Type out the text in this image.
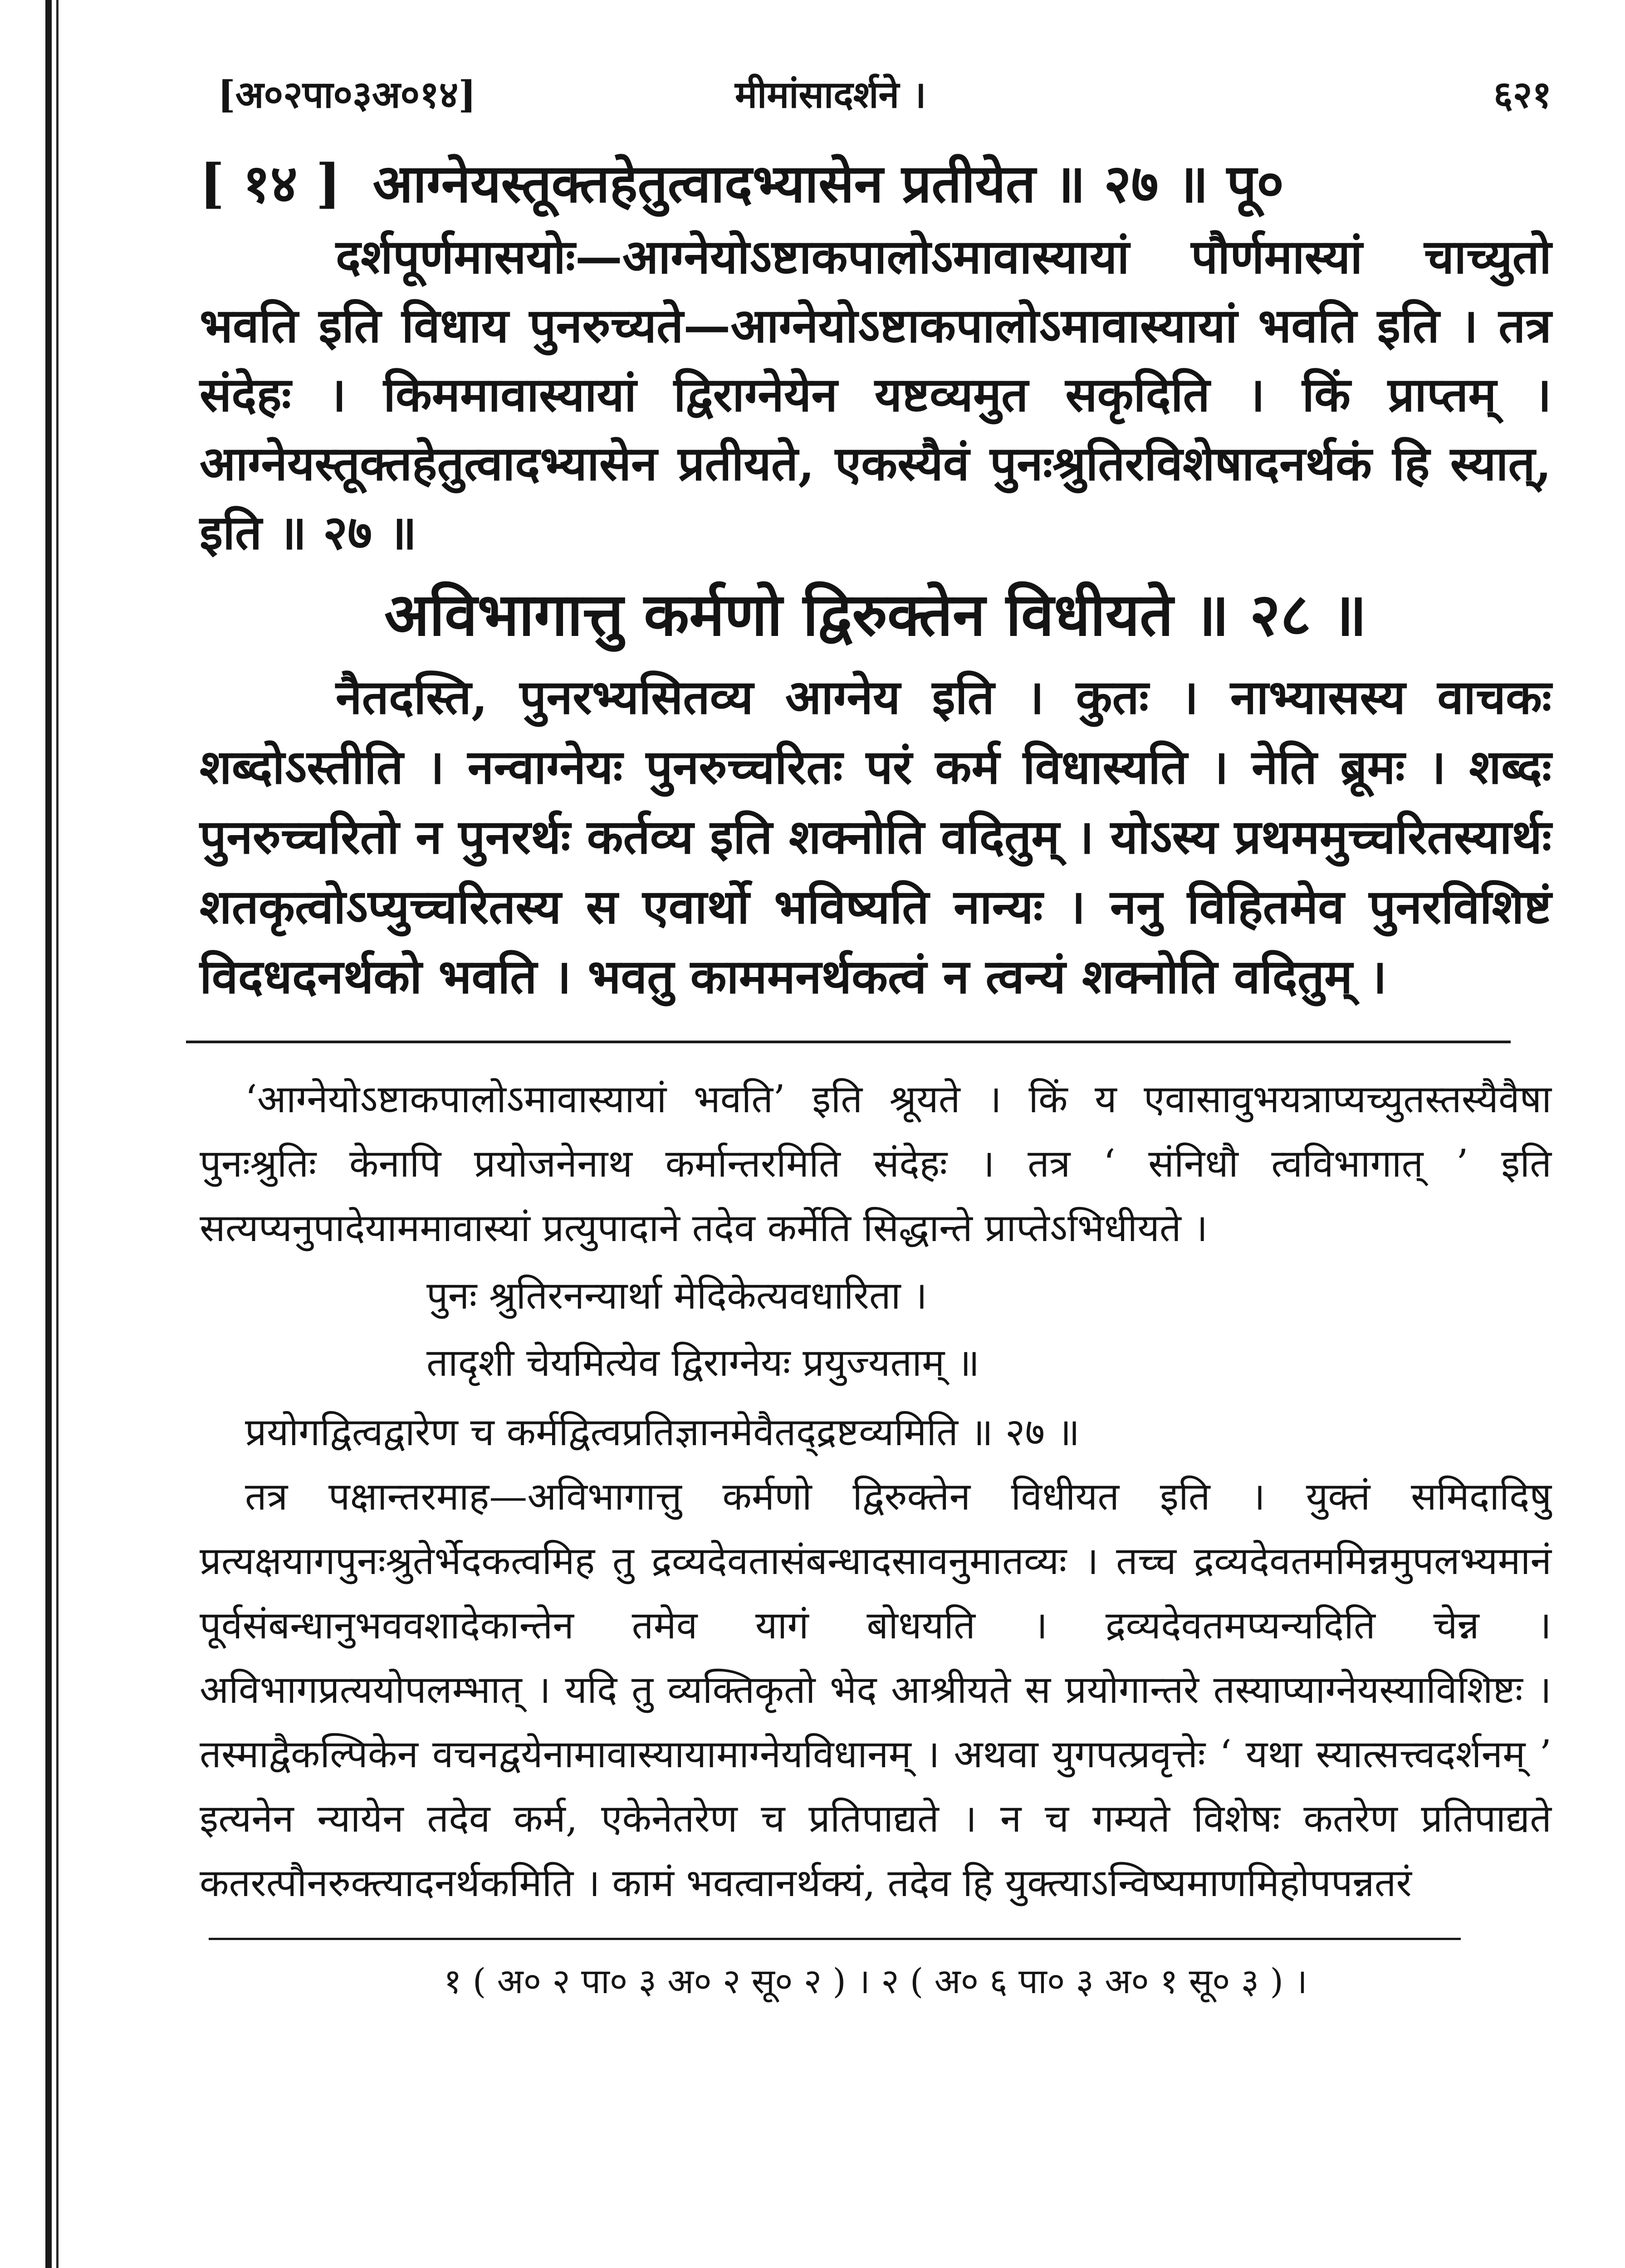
[अ०२पा०३अ०१४]	मीमांसादर्शने ।	६२१
[ १४ ] आग्नेयस्तूक्तहेतुत्वादभ्यासेन प्रतीयेत ॥ २७ ॥ पू०

दर्शपूर्णमासयोः—आग्नेयोऽष्टाकपालोऽमावास्यायां पौर्णमास्यां चाच्युतो भवति इति विधाय पुनरुच्यते—आग्नेयोऽष्टाकपालोऽमावास्यायां भवति इति । तत्र संदेहः । किममावास्यायां द्विराग्नेयेन यष्टव्यमुत सकृदिति । किं प्राप्तम् । आग्नेयस्तूक्तहेतुत्वादभ्यासेन प्रतीयते, एकस्यैवं पुनःश्रुतिरविशेषादनर्थकं हि स्यात्, इति ॥ २७ ॥

अविभागात्तु कर्मणो द्विरुक्तेन विधीयते ॥ २८ ॥

नैतदस्ति, पुनरभ्यसितव्य आग्नेय इति । कुतः । नाभ्यासस्य वाचकः शब्दोऽस्तीति । नन्वाग्नेयः पुनरुच्चरितः परं कर्म विधास्यति । नेति ब्रूमः । शब्दः पुनरुच्चरितो न पुनरर्थः कर्तव्य इति शक्नोति वदितुम् । योऽस्य प्रथममुच्चरितस्यार्थः शतकृत्वोऽप्युच्चरितस्य स एवार्थो भविष्यति नान्यः । ननु विहितमेव पुनरविशिष्टं विदधदनर्थको भवति । भवतु काममनर्थकत्वं न त्वन्यं शक्नोति वदितुम् ।

‘आग्नेयोऽष्टाकपालोऽमावास्यायां भवति’ इति श्रूयते । किं य एवासावुभयत्राप्यच्युतस्तस्यैवैषा पुनःश्रुतिः केनापि प्रयोजनेनाथ कर्मान्तरमिति संदेहः । तत्र ‘ संनिधौ त्वविभागात् ’ इति सत्यप्यनुपादेयाममावास्यां प्रत्युपादाने तदेव कर्मेति सिद्धान्ते प्राप्तेऽभिधीयते ।

पुनः श्रुतिरनन्यार्था मेदिकेत्यवधारिता ।
तादृशी चेयमित्येव द्विराग्नेयः प्रयुज्यताम् ॥
प्रयोगद्वित्वद्वारेण च कर्मद्वित्वप्रतिज्ञानमेवैतद्द्रष्टव्यमिति ॥ २७ ॥

तत्र पक्षान्तरमाह—अविभागात्तु कर्मणो द्विरुक्तेन विधीयत इति । युक्तं समिदादिषु प्रत्यक्षयागपुनःश्रुतेर्भेदकत्वमिह तु द्रव्यदेवतासंबन्धादसावनुमातव्यः । तच्च द्रव्यदेवतममिन्नमुपलभ्यमानं पूर्वसंबन्धानुभववशादेकान्तेन तमेव यागं बोधयति । द्रव्यदेवतमप्यन्यदिति चेन्न । अविभागप्रत्ययोपलम्भात् । यदि तु व्यक्तिकृतो भेद आश्रीयते स प्रयोगान्तरे तस्याप्याग्नेयस्याविशिष्टः । तस्माद्वैकल्पिकेन वचनद्वयेनामावास्यायामाग्नेयविधानम् । अथवा युगपत्प्रवृत्तेः ‘ यथा स्यात्सत्त्वदर्शनम् ’ इत्यनेन न्यायेन तदेव कर्म, एकेनेतरेण च प्रतिपाद्यते । न च गम्यते विशेषः कतरेण प्रतिपाद्यते कतरत्पौनरुक्त्यादनर्थकमिति । कामं भवत्वानर्थक्यं, तदेव हि युक्त्याऽन्विष्यमाणमिहोपपन्नतरं

१ ( अ० २ पा० ३ अ० २ सू० २ ) । २ ( अ० ६ पा० ३ अ० १ सू० ३ ) ।
